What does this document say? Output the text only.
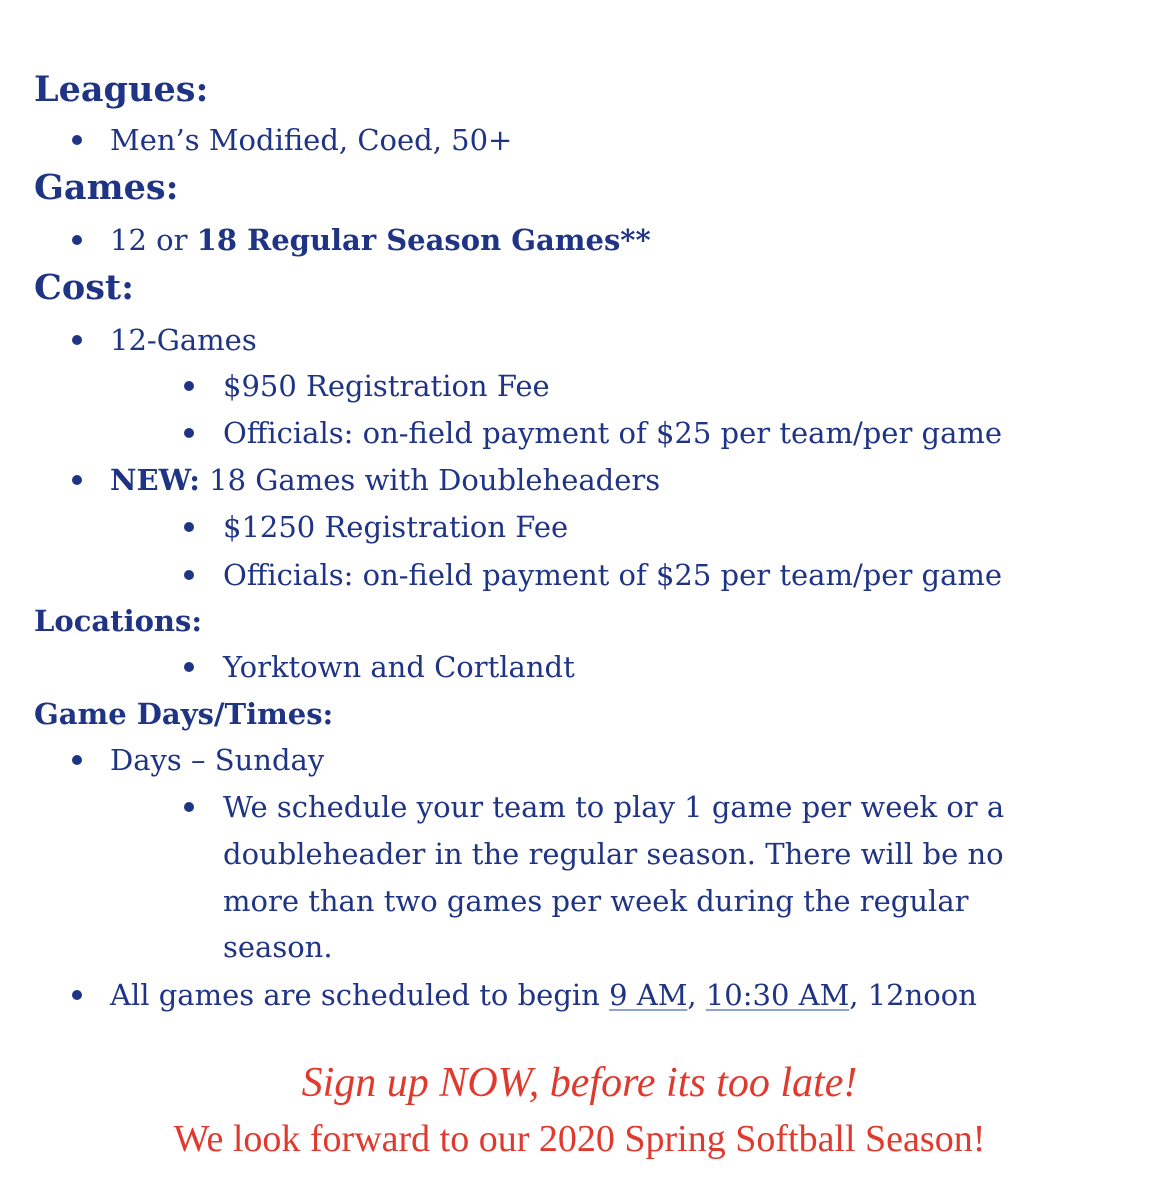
Leagues:
Men’s Modified, Coed, 50+
Games:
12 or 18 Regular Season Games**
Cost:
12-Games
$950 Registration Fee
Officials: on-field payment of $25 per team/per game
NEW: 18 Games with Doubleheaders
$1250 Registration Fee
Officials: on-field payment of $25 per team/per game
Locations:
Yorktown and Cortlandt
Game Days/Times:
Days – Sunday
We schedule your team to play 1 game per week or a
doubleheader in the regular season. There will be no
more than two games per week during the regular
season.
All games are scheduled to begin 9 AM, 10:30 AM, 12noon
Sign up NOW, before its too late!
We look forward to our 2020 Spring Softball Season!
